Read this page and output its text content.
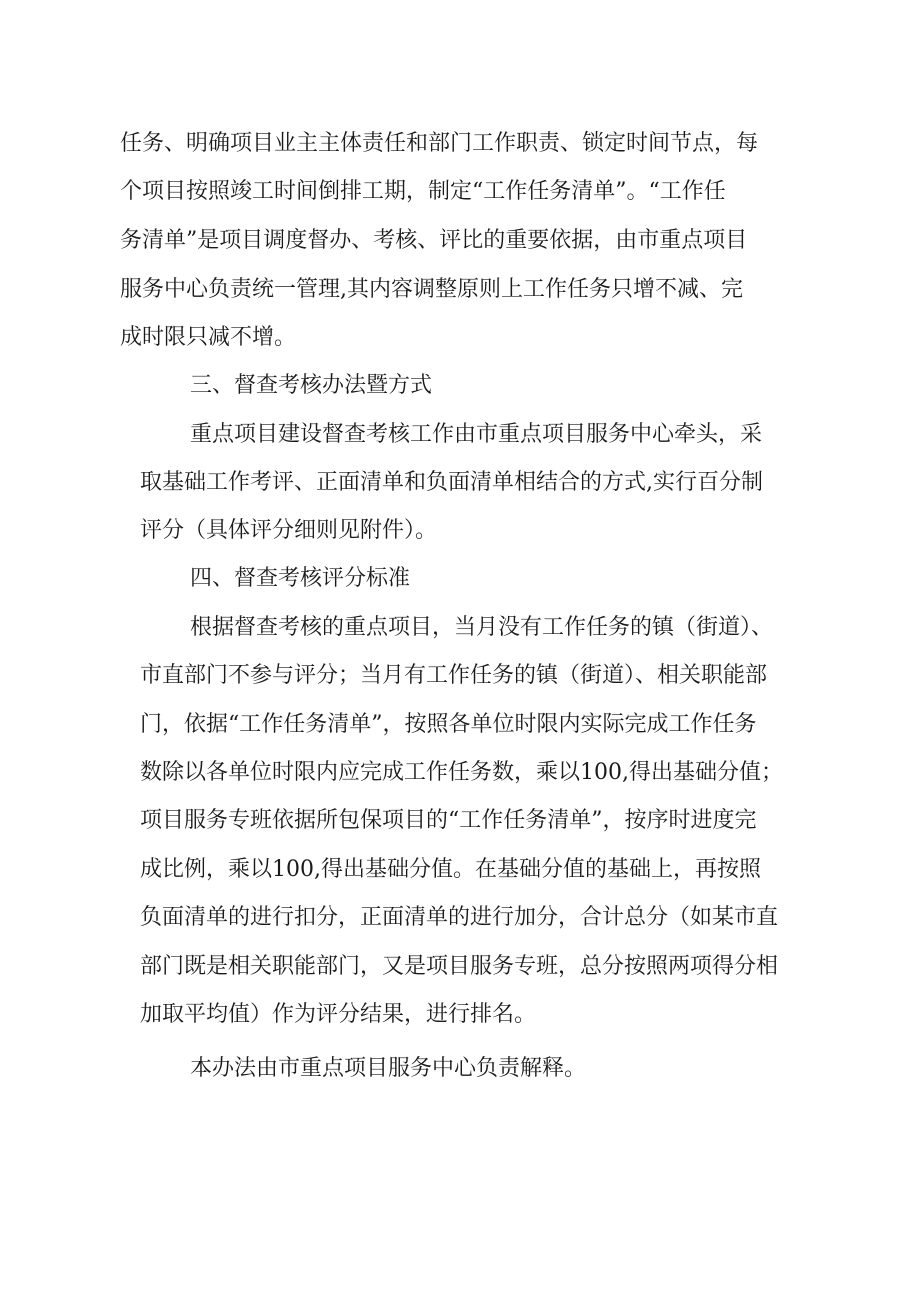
任务、明确项目业主主体责任和部门工作职责、锁定时间节点，每

个项目按照竣工时间倒排工期，制定“工作任务清单”。“工作任

务清单”是项目调度督办、考核、评比的重要依据，由市重点项目

服务中心负责统一管理,其内容调整原则上工作任务只增不减、完

成时限只减不增。

三、督查考核办法暨方式

重点项目建设督查考核工作由市重点项目服务中心牵头，采

取基础工作考评、正面清单和负面清单相结合的方式,实行百分制

评分（具体评分细则见附件）。

四、督查考核评分标准

根据督查考核的重点项目，当月没有工作任务的镇（街道）、

市直部门不参与评分；当月有工作任务的镇（街道）、相关职能部

门，依据“工作任务清单”，按照各单位时限内实际完成工作任务

数除以各单位时限内应完成工作任务数，乘以100,得出基础分值；

项目服务专班依据所包保项目的“工作任务清单”，按序时进度完

成比例，乘以100,得出基础分值。在基础分值的基础上，再按照

负面清单的进行扣分，正面清单的进行加分，合计总分（如某市直

部门既是相关职能部门，又是项目服务专班，总分按照两项得分相

加取平均值）作为评分结果，进行排名。

本办法由市重点项目服务中心负责解释。
